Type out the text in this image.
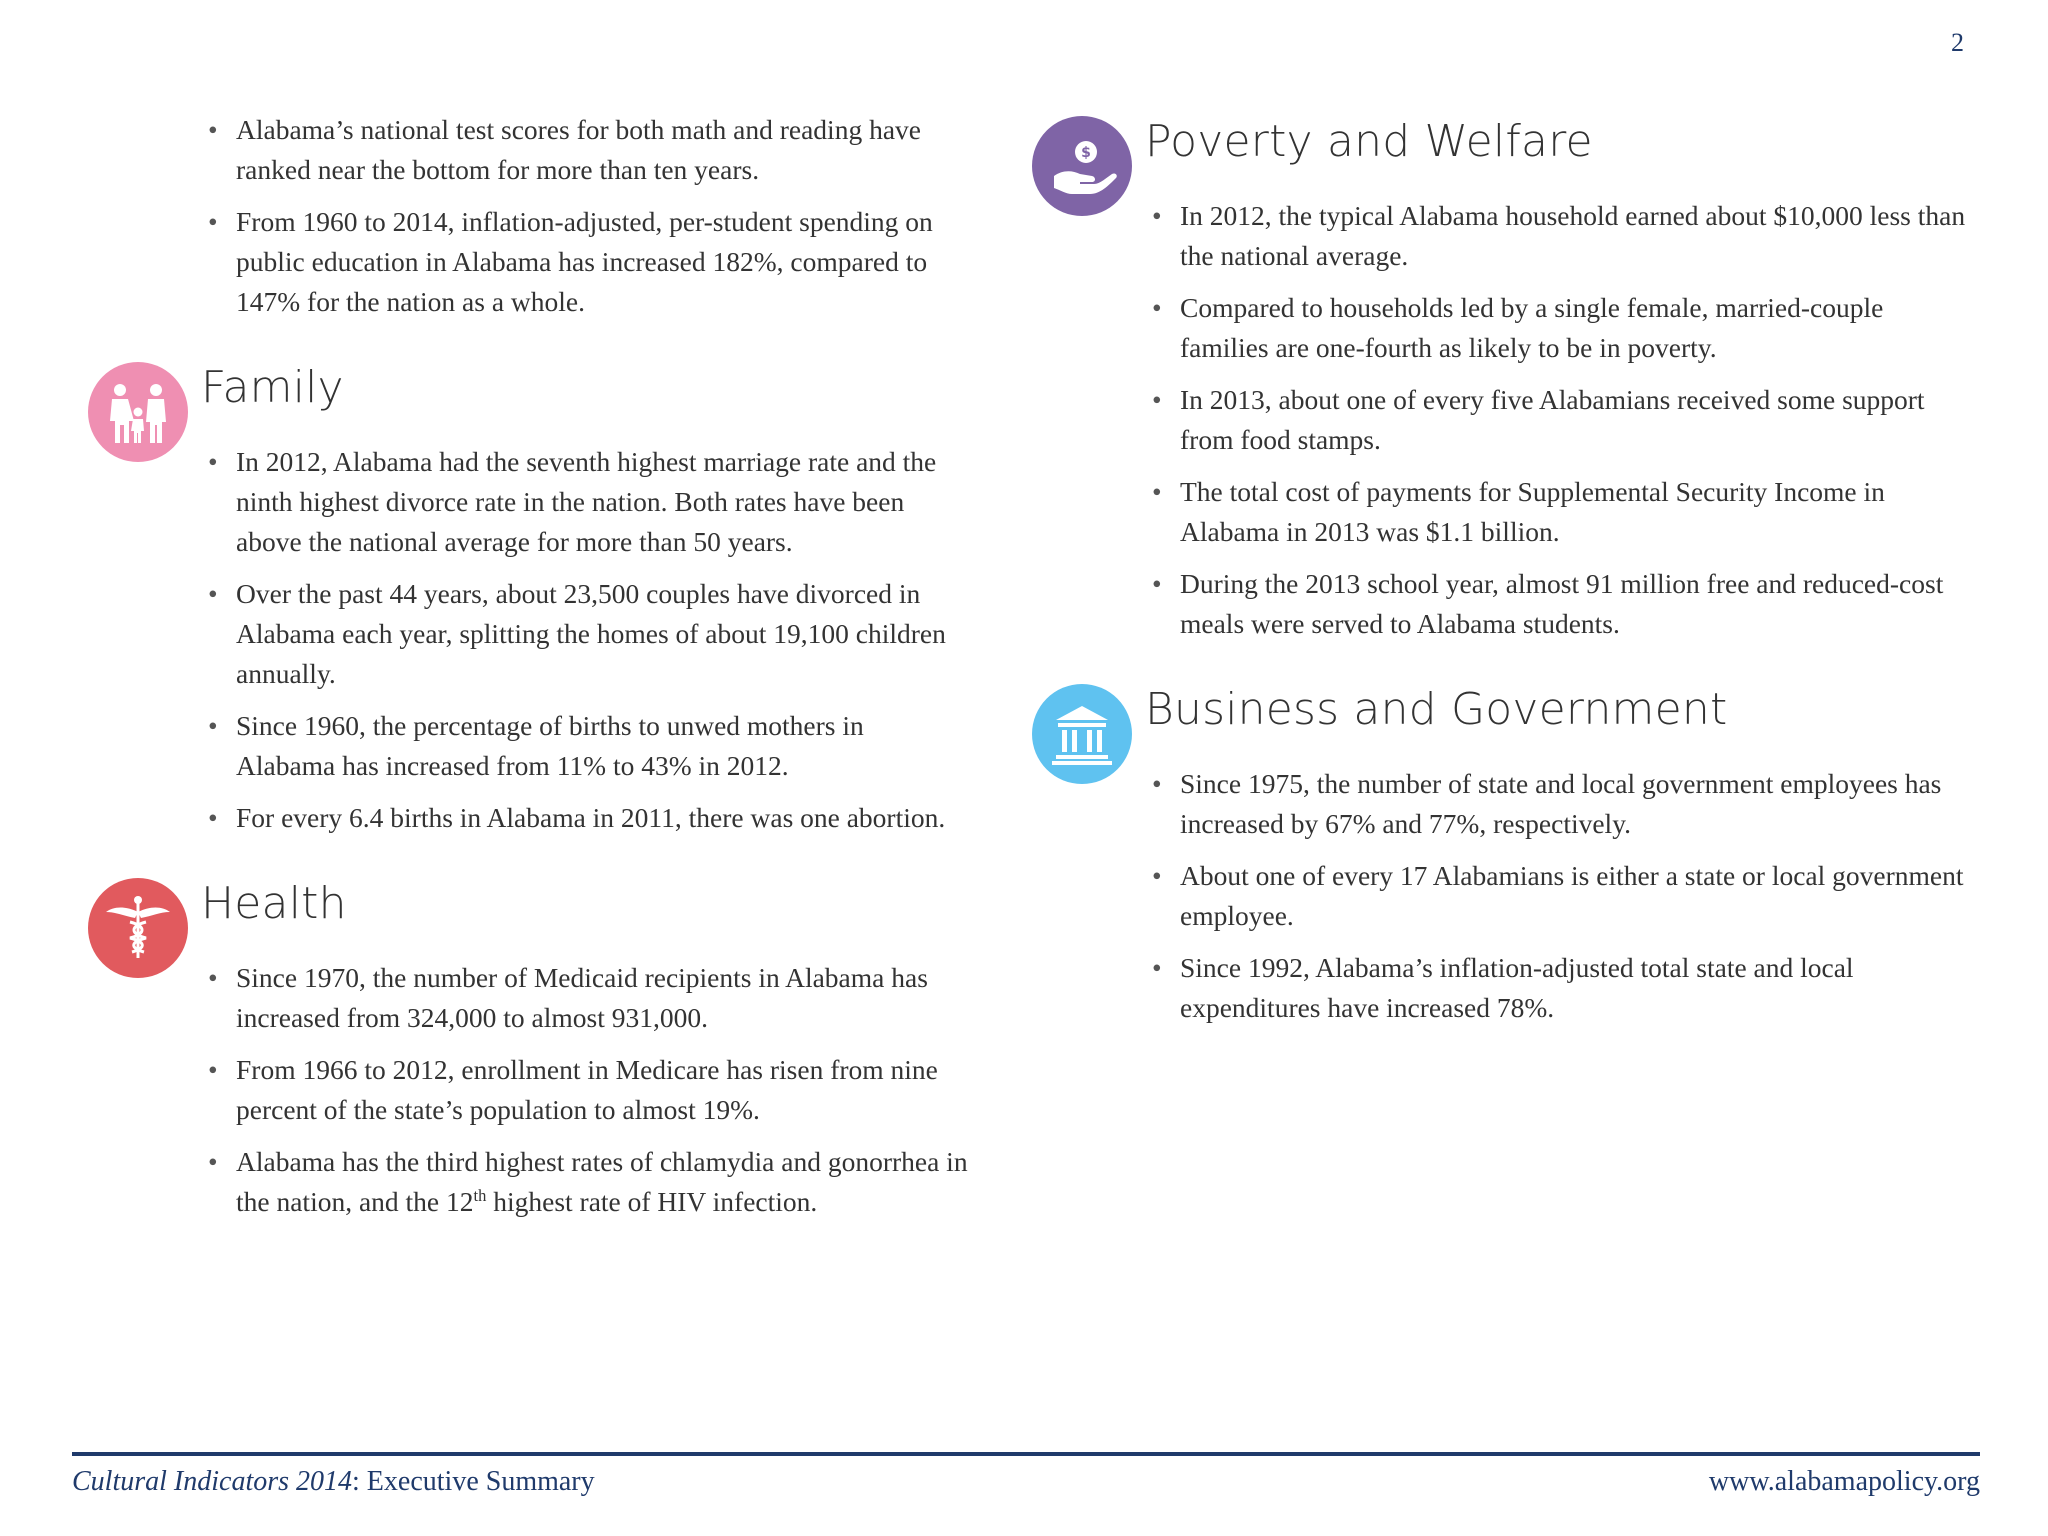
2
• Alabama’s national test scores for both math and reading have ranked near the bottom for more than ten years.
• From 1960 to 2014, inflation-adjusted, per-student spending on public education in Alabama has increased 182%, compared to 147% for the nation as a whole.
Family
• In 2012, Alabama had the seventh highest marriage rate and the ninth highest divorce rate in the nation. Both rates have been above the national average for more than 50 years.
• Over the past 44 years, about 23,500 couples have divorced in Alabama each year, splitting the homes of about 19,100 children annually.
• Since 1960, the percentage of births to unwed mothers in Alabama has increased from 11% to 43% in 2012.
• For every 6.4 births in Alabama in 2011, there was one abortion.
Health
• Since 1970, the number of Medicaid recipients in Alabama has increased from 324,000 to almost 931,000.
• From 1966 to 2012, enrollment in Medicare has risen from nine percent of the state’s population to almost 19%.
• Alabama has the third highest rates of chlamydia and gonorrhea in the nation, and the 12th highest rate of HIV infection.
$ Poverty and Welfare
• In 2012, the typical Alabama household earned about $10,000 less than the national average.
• Compared to households led by a single female, married-couple families are one-fourth as likely to be in poverty.
• In 2013, about one of every five Alabamians received some support from food stamps.
• The total cost of payments for Supplemental Security Income in Alabama in 2013 was $1.1 billion.
• During the 2013 school year, almost 91 million free and reduced-cost meals were served to Alabama students.
Business and Government
• Since 1975, the number of state and local government employees has increased by 67% and 77%, respectively.
• About one of every 17 Alabamians is either a state or local government employee.
• Since 1992, Alabama’s inflation-adjusted total state and local expenditures have increased 78%.
Cultural Indicators 2014: Executive Summary	www.alabamapolicy.org
